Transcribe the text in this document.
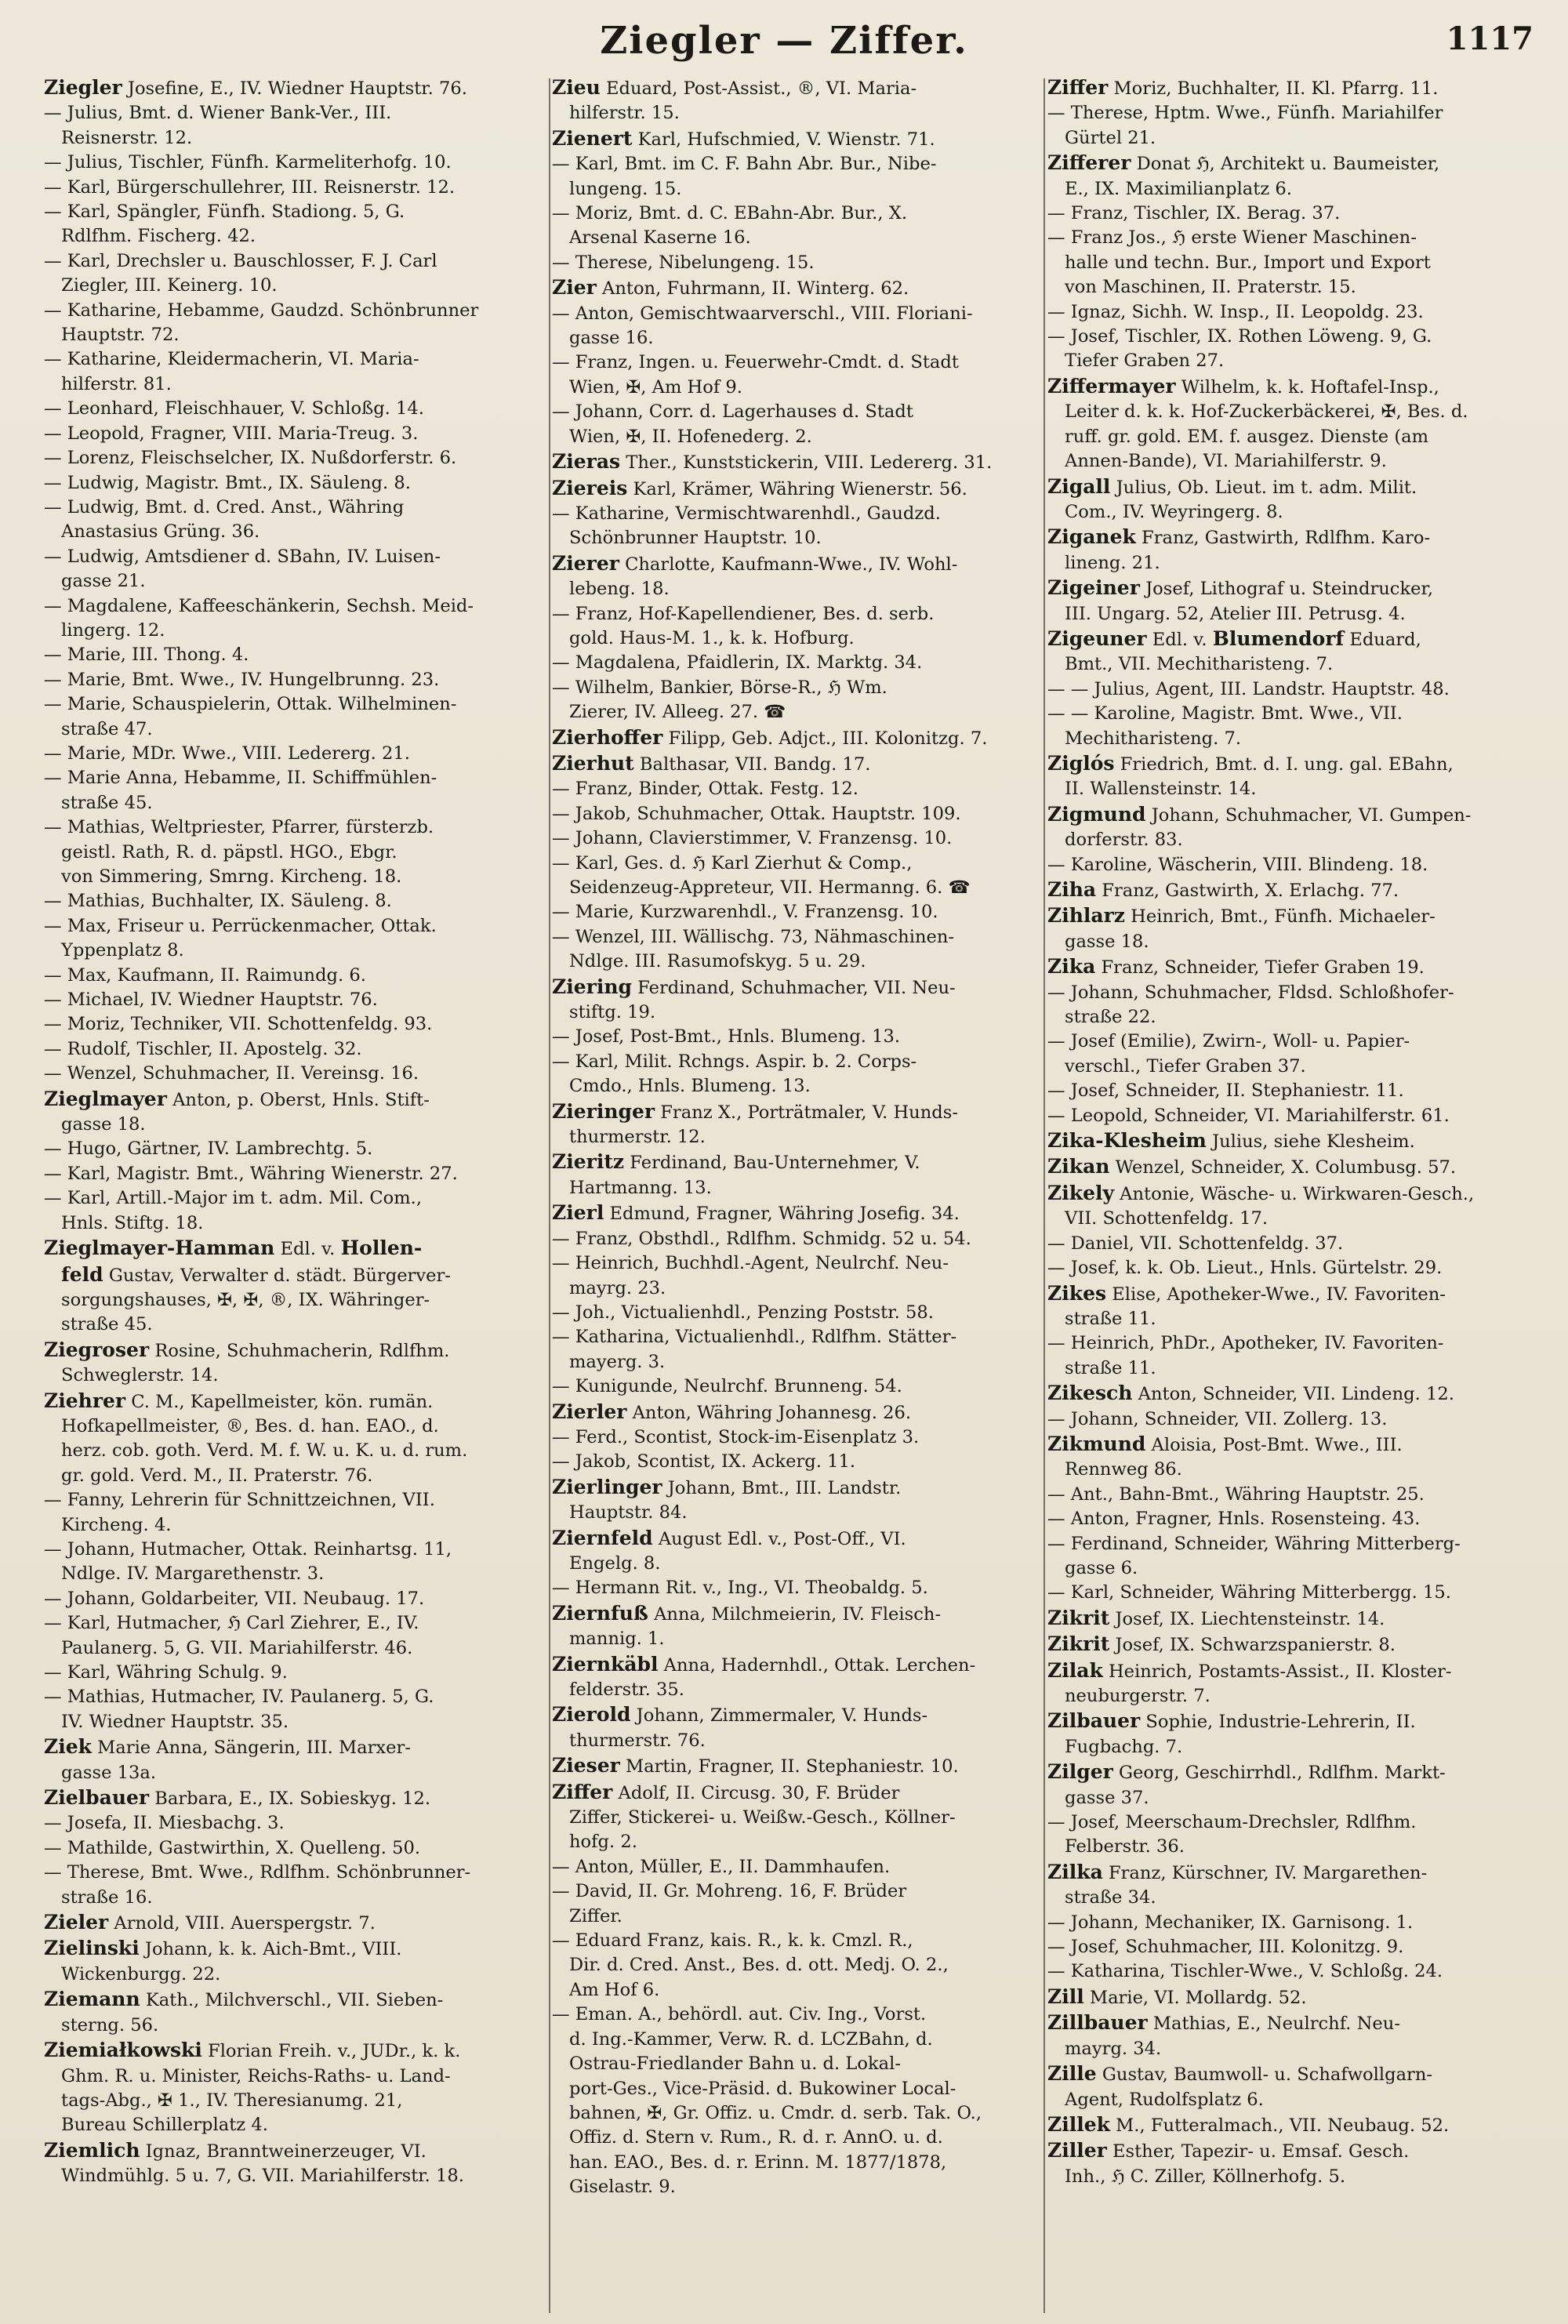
Ziegler — Ziffer.	1117
Ziegler Josefine, E., IV. Wiedner Hauptstr. 76.
— Julius, Bmt. d. Wiener Bank-Ver., III.
Reisnerstr. 12.
— Julius, Tischler, Fünfh. Karmeliterhofg. 10.
— Karl, Bürgerschullehrer, III. Reisnerstr. 12.
— Karl, Spängler, Fünfh. Stadiong. 5, G.
Rdlfhm. Fischerg. 42.
— Karl, Drechsler u. Bauschlosser, F. J. Carl
Ziegler, III. Keinerg. 10.
— Katharine, Hebamme, Gaudzd. Schönbrunner
Hauptstr. 72.
— Katharine, Kleidermacherin, VI. Maria-
hilferstr. 81.
— Leonhard, Fleischhauer, V. Schloßg. 14.
— Leopold, Fragner, VIII. Maria-Treug. 3.
— Lorenz, Fleischselcher, IX. Nußdorferstr. 6.
— Ludwig, Magistr. Bmt., IX. Säuleng. 8.
— Ludwig, Bmt. d. Cred. Anst., Währing
Anastasius Grüng. 36.
— Ludwig, Amtsdiener d. SBahn, IV. Luisen-
gasse 21.
— Magdalene, Kaffeeschänkerin, Sechsh. Meid-
lingerg. 12.
— Marie, III. Thong. 4.
— Marie, Bmt. Wwe., IV. Hungelbrunng. 23.
— Marie, Schauspielerin, Ottak. Wilhelminen-
straße 47.
— Marie, MDr. Wwe., VIII. Ledererg. 21.
— Marie Anna, Hebamme, II. Schiffmühlen-
straße 45.
— Mathias, Weltpriester, Pfarrer, fürsterzb.
geistl. Rath, R. d. päpstl. HGO., Ebgr.
von Simmering, Smrng. Kircheng. 18.
— Mathias, Buchhalter, IX. Säuleng. 8.
— Max, Friseur u. Perrückenmacher, Ottak.
Yppenplatz 8.
— Max, Kaufmann, II. Raimundg. 6.
— Michael, IV. Wiedner Hauptstr. 76.
— Moriz, Techniker, VII. Schottenfeldg. 93.
— Rudolf, Tischler, II. Apostelg. 32.
— Wenzel, Schuhmacher, II. Vereinsg. 16.
Zieglmayer Anton, p. Oberst, Hnls. Stift-
gasse 18.
— Hugo, Gärtner, IV. Lambrechtg. 5.
— Karl, Magistr. Bmt., Währing Wienerstr. 27.
— Karl, Artill.-Major im t. adm. Mil. Com.,
Hnls. Stiftg. 18.
Zieglmayer-Hamman Edl. v. Hollen-
feld Gustav, Verwalter d. städt. Bürgerver-
sorgungshauses, ✠, ✠, ®, IX. Währinger-
straße 45.
Ziegroser Rosine, Schuhmacherin, Rdlfhm.
Schweglerstr. 14.
Ziehrer C. M., Kapellmeister, kön. rumän.
Hofkapellmeister, ®, Bes. d. han. EAO., d.
herz. cob. goth. Verd. M. f. W. u. K. u. d. rum.
gr. gold. Verd. M., II. Praterstr. 76.
— Fanny, Lehrerin für Schnittzeichnen, VII.
Kircheng. 4.
— Johann, Hutmacher, Ottak. Reinhartsg. 11,
Ndlge. IV. Margarethenstr. 3.
— Johann, Goldarbeiter, VII. Neubaug. 17.
— Karl, Hutmacher, ℌ Carl Ziehrer, E., IV.
Paulanerg. 5, G. VII. Mariahilferstr. 46.
— Karl, Währing Schulg. 9.
— Mathias, Hutmacher, IV. Paulanerg. 5, G.
IV. Wiedner Hauptstr. 35.
Ziek Marie Anna, Sängerin, III. Marxer-
gasse 13a.
Zielbauer Barbara, E., IX. Sobieskyg. 12.
— Josefa, II. Miesbachg. 3.
— Mathilde, Gastwirthin, X. Quelleng. 50.
— Therese, Bmt. Wwe., Rdlfhm. Schönbrunner-
straße 16.
Zieler Arnold, VIII. Auerspergstr. 7.
Zielinski Johann, k. k. Aich-Bmt., VIII.
Wickenburgg. 22.
Ziemann Kath., Milchverschl., VII. Sieben-
sterng. 56.
Ziemiałkowski Florian Freih. v., JUDr., k. k.
Ghm. R. u. Minister, Reichs-Raths- u. Land-
tags-Abg., ✠ 1., IV. Theresianumg. 21,
Bureau Schillerplatz 4.
Ziemlich Ignaz, Branntweinerzeuger, VI.
Windmühlg. 5 u. 7, G. VII. Mariahilferstr. 18.
Zieu Eduard, Post-Assist., ®, VI. Maria-
hilferstr. 15.
Zienert Karl, Hufschmied, V. Wienstr. 71.
— Karl, Bmt. im C. F. Bahn Abr. Bur., Nibe-
lungeng. 15.
— Moriz, Bmt. d. C. EBahn-Abr. Bur., X.
Arsenal Kaserne 16.
— Therese, Nibelungeng. 15.
Zier Anton, Fuhrmann, II. Winterg. 62.
— Anton, Gemischtwaarverschl., VIII. Floriani-
gasse 16.
— Franz, Ingen. u. Feuerwehr-Cmdt. d. Stadt
Wien, ✠, Am Hof 9.
— Johann, Corr. d. Lagerhauses d. Stadt
Wien, ✠, II. Hofenederg. 2.
Zieras Ther., Kunststickerin, VIII. Ledererg. 31.
Ziereis Karl, Krämer, Währing Wienerstr. 56.
— Katharine, Vermischtwarenhdl., Gaudzd.
Schönbrunner Hauptstr. 10.
Zierer Charlotte, Kaufmann-Wwe., IV. Wohl-
lebeng. 18.
— Franz, Hof-Kapellendiener, Bes. d. serb.
gold. Haus-M. 1., k. k. Hofburg.
— Magdalena, Pfaidlerin, IX. Marktg. 34.
— Wilhelm, Bankier, Börse-R., ℌ Wm.
Zierer, IV. Alleeg. 27. ☎
Zierhoffer Filipp, Geb. Adjct., III. Kolonitzg. 7.
Zierhut Balthasar, VII. Bandg. 17.
— Franz, Binder, Ottak. Festg. 12.
— Jakob, Schuhmacher, Ottak. Hauptstr. 109.
— Johann, Clavierstimmer, V. Franzensg. 10.
— Karl, Ges. d. ℌ Karl Zierhut & Comp.,
Seidenzeug-Appreteur, VII. Hermanng. 6. ☎
— Marie, Kurzwarenhdl., V. Franzensg. 10.
— Wenzel, III. Wällischg. 73, Nähmaschinen-
Ndlge. III. Rasumofskyg. 5 u. 29.
Ziering Ferdinand, Schuhmacher, VII. Neu-
stiftg. 19.
— Josef, Post-Bmt., Hnls. Blumeng. 13.
— Karl, Milit. Rchngs. Aspir. b. 2. Corps-
Cmdo., Hnls. Blumeng. 13.
Zieringer Franz X., Porträtmaler, V. Hunds-
thurmerstr. 12.
Zieritz Ferdinand, Bau-Unternehmer, V.
Hartmanng. 13.
Zierl Edmund, Fragner, Währing Josefig. 34.
— Franz, Obsthdl., Rdlfhm. Schmidg. 52 u. 54.
— Heinrich, Buchhdl.-Agent, Neulrchf. Neu-
mayrg. 23.
— Joh., Victualienhdl., Penzing Poststr. 58.
— Katharina, Victualienhdl., Rdlfhm. Stätter-
mayerg. 3.
— Kunigunde, Neulrchf. Brunneng. 54.
Zierler Anton, Währing Johannesg. 26.
— Ferd., Scontist, Stock-im-Eisenplatz 3.
— Jakob, Scontist, IX. Ackerg. 11.
Zierlinger Johann, Bmt., III. Landstr.
Hauptstr. 84.
Ziernfeld August Edl. v., Post-Off., VI.
Engelg. 8.
— Hermann Rit. v., Ing., VI. Theobaldg. 5.
Ziernfuß Anna, Milchmeierin, IV. Fleisch-
mannig. 1.
Ziernkäbl Anna, Hadernhdl., Ottak. Lerchen-
felderstr. 35.
Zierold Johann, Zimmermaler, V. Hunds-
thurmerstr. 76.
Zieser Martin, Fragner, II. Stephaniestr. 10.
Ziffer Adolf, II. Circusg. 30, F. Brüder
Ziffer, Stickerei- u. Weißw.-Gesch., Köllner-
hofg. 2.
— Anton, Müller, E., II. Dammhaufen.
— David, II. Gr. Mohreng. 16, F. Brüder
Ziffer.
— Eduard Franz, kais. R., k. k. Cmzl. R.,
Dir. d. Cred. Anst., Bes. d. ott. Medj. O. 2.,
Am Hof 6.
— Eman. A., behördl. aut. Civ. Ing., Vorst.
d. Ing.-Kammer, Verw. R. d. LCZBahn, d.
Ostrau-Friedlander Bahn u. d. Lokal-
port-Ges., Vice-Präsid. d. Bukowiner Local-
bahnen, ✠, Gr. Offiz. u. Cmdr. d. serb. Tak. O.,
Offiz. d. Stern v. Rum., R. d. r. AnnO. u. d.
han. EAO., Bes. d. r. Erinn. M. 1877/1878,
Giselastr. 9.
Ziffer Moriz, Buchhalter, II. Kl. Pfarrg. 11.
— Therese, Hptm. Wwe., Fünfh. Mariahilfer
Gürtel 21.
Zifferer Donat ℌ, Architekt u. Baumeister,
E., IX. Maximilianplatz 6.
— Franz, Tischler, IX. Berag. 37.
— Franz Jos., ℌ erste Wiener Maschinen-
halle und techn. Bur., Import und Export
von Maschinen, II. Praterstr. 15.
— Ignaz, Sichh. W. Insp., II. Leopoldg. 23.
— Josef, Tischler, IX. Rothen Löweng. 9, G.
Tiefer Graben 27.
Ziffermayer Wilhelm, k. k. Hoftafel-Insp.,
Leiter d. k. k. Hof-Zuckerbäckerei, ✠, Bes. d.
ruff. gr. gold. EM. f. ausgez. Dienste (am
Annen-Bande), VI. Mariahilferstr. 9.
Zigall Julius, Ob. Lieut. im t. adm. Milit.
Com., IV. Weyringerg. 8.
Ziganek Franz, Gastwirth, Rdlfhm. Karo-
lineng. 21.
Zigeiner Josef, Lithograf u. Steindrucker,
III. Ungarg. 52, Atelier III. Petrusg. 4.
Zigeuner Edl. v. Blumendorf Eduard,
Bmt., VII. Mechitharisteng. 7.
— — Julius, Agent, III. Landstr. Hauptstr. 48.
— — Karoline, Magistr. Bmt. Wwe., VII.
Mechitharisteng. 7.
Ziglós Friedrich, Bmt. d. I. ung. gal. EBahn,
II. Wallensteinstr. 14.
Zigmund Johann, Schuhmacher, VI. Gumpen-
dorferstr. 83.
— Karoline, Wäscherin, VIII. Blindeng. 18.
Ziha Franz, Gastwirth, X. Erlachg. 77.
Zihlarz Heinrich, Bmt., Fünfh. Michaeler-
gasse 18.
Zika Franz, Schneider, Tiefer Graben 19.
— Johann, Schuhmacher, Fldsd. Schloßhofer-
straße 22.
— Josef (Emilie), Zwirn-, Woll- u. Papier-
verschl., Tiefer Graben 37.
— Josef, Schneider, II. Stephaniestr. 11.
— Leopold, Schneider, VI. Mariahilferstr. 61.
Zika-Klesheim Julius, siehe Klesheim.
Zikan Wenzel, Schneider, X. Columbusg. 57.
Zikely Antonie, Wäsche- u. Wirkwaren-Gesch.,
VII. Schottenfeldg. 17.
— Daniel, VII. Schottenfeldg. 37.
— Josef, k. k. Ob. Lieut., Hnls. Gürtelstr. 29.
Zikes Elise, Apotheker-Wwe., IV. Favoriten-
straße 11.
— Heinrich, PhDr., Apotheker, IV. Favoriten-
straße 11.
Zikesch Anton, Schneider, VII. Lindeng. 12.
— Johann, Schneider, VII. Zollerg. 13.
Zikmund Aloisia, Post-Bmt. Wwe., III.
Rennweg 86.
— Ant., Bahn-Bmt., Währing Hauptstr. 25.
— Anton, Fragner, Hnls. Rosensteing. 43.
— Ferdinand, Schneider, Währing Mitterberg-
gasse 6.
— Karl, Schneider, Währing Mitterbergg. 15.
Zikrit Josef, IX. Liechtensteinstr. 14.
Zikrit Josef, IX. Schwarzspanierstr. 8.
Zilak Heinrich, Postamts-Assist., II. Kloster-
neuburgerstr. 7.
Zilbauer Sophie, Industrie-Lehrerin, II.
Fugbachg. 7.
Zilger Georg, Geschirrhdl., Rdlfhm. Markt-
gasse 37.
— Josef, Meerschaum-Drechsler, Rdlfhm.
Felberstr. 36.
Zilka Franz, Kürschner, IV. Margarethen-
straße 34.
— Johann, Mechaniker, IX. Garnisong. 1.
— Josef, Schuhmacher, III. Kolonitzg. 9.
— Katharina, Tischler-Wwe., V. Schloßg. 24.
Zill Marie, VI. Mollardg. 52.
Zillbauer Mathias, E., Neulrchf. Neu-
mayrg. 34.
Zille Gustav, Baumwoll- u. Schafwollgarn-
Agent, Rudolfsplatz 6.
Zillek M., Futteralmach., VII. Neubaug. 52.
Ziller Esther, Tapezir- u. Emsaf. Gesch.
Inh., ℌ C. Ziller, Köllnerhofg. 5.
